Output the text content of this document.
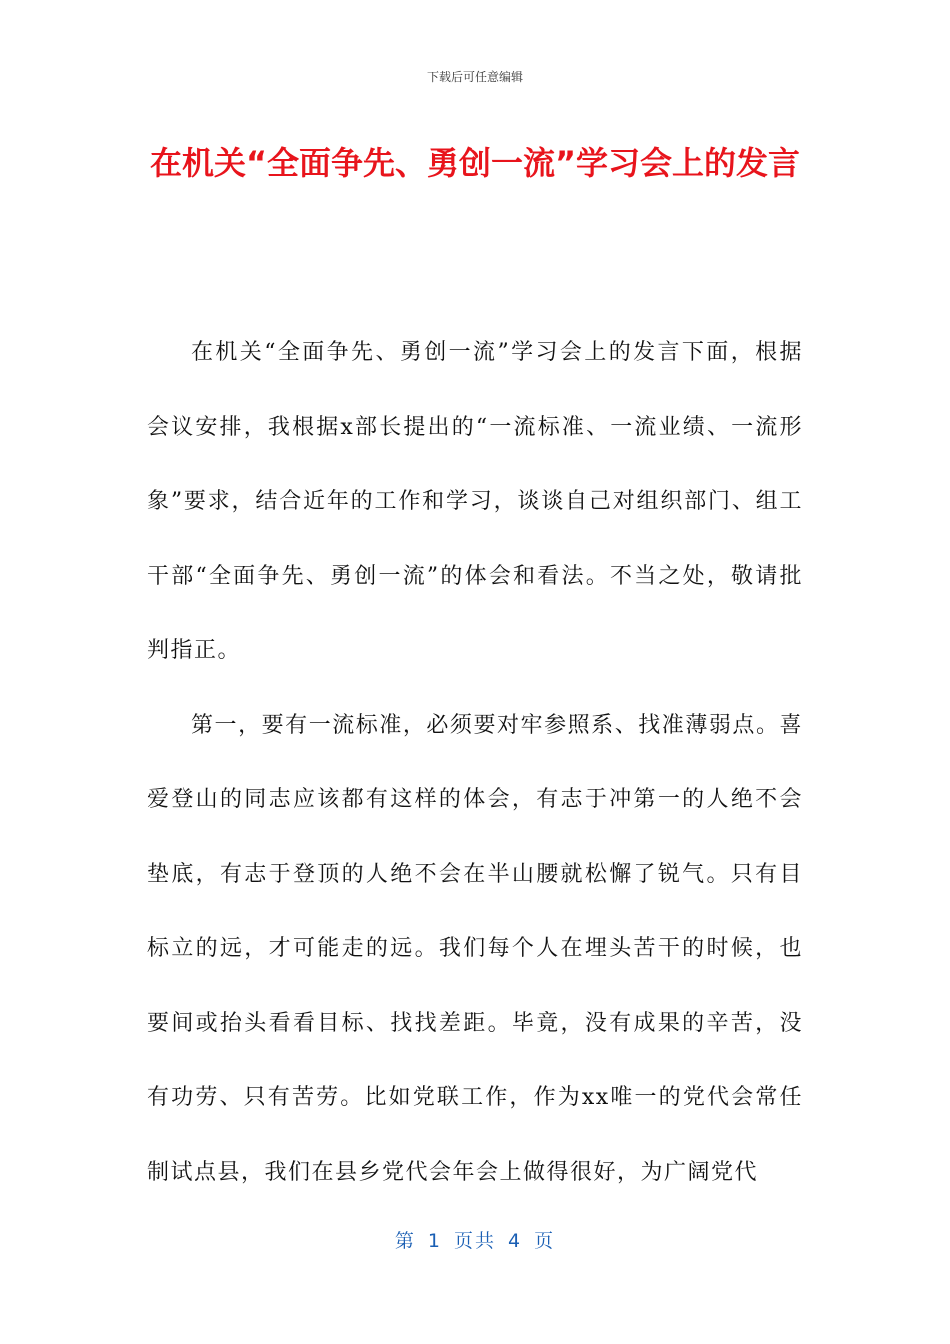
下载后可任意编辑
在机关“全面争先、勇创一流”学习会上的发言

在机关“全面争先、勇创一流”学习会上的发言下面，根据会议安排，我根据x部长提出的“一流标准、一流业绩、一流形象”要求，结合近年的工作和学习，谈谈自己对组织部门、组工干部“全面争先、勇创一流”的体会和看法。不当之处，敬请批判指正。

第一，要有一流标准，必须要对牢参照系、找准薄弱点。喜爱登山的同志应该都有这样的体会，有志于冲第一的人绝不会垫底，有志于登顶的人绝不会在半山腰就松懈了锐气。只有目标立的远，才可能走的远。我们每个人在埋头苦干的时候，也要间或抬头看看目标、找找差距。毕竟，没有成果的辛苦，没有功劳、只有苦劳。比如党联工作，作为xx唯一的党代会常任制试点县，我们在县乡党代会年会上做得很好，为广阔党代

第 1 页共 4 页
